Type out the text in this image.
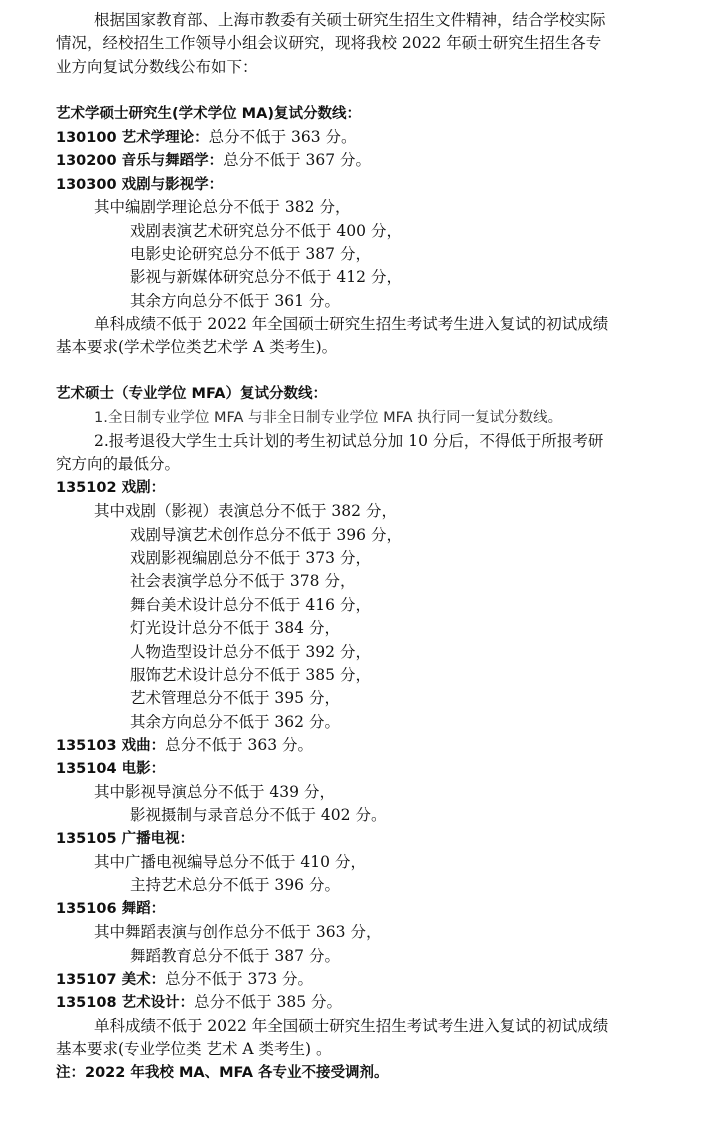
根据国家教育部、上海市教委有关硕士研究生招生文件精神，结合学校实际
情况，经校招生工作领导小组会议研究，现将我校 2022 年硕士研究生招生各专
业方向复试分数线公布如下：
艺术学硕士研究生(学术学位 MA)复试分数线：
130100 艺术学理论：总分不低于 363 分。
130200 音乐与舞蹈学：总分不低于 367 分。
130300 戏剧与影视学：
其中编剧学理论总分不低于 382 分，
戏剧表演艺术研究总分不低于 400 分，
电影史论研究总分不低于 387 分，
影视与新媒体研究总分不低于 412 分，
其余方向总分不低于 361 分。
单科成绩不低于 2022 年全国硕士研究生招生考试考生进入复试的初试成绩
基本要求(学术学位类艺术学 A 类考生)。
艺术硕士（专业学位 MFA）复试分数线：
1.全日制专业学位 MFA 与非全日制专业学位 MFA 执行同一复试分数线。
2.报考退役大学生士兵计划的考生初试总分加 10 分后，不得低于所报考研
究方向的最低分。
135102 戏剧：
其中戏剧（影视）表演总分不低于 382 分，
戏剧导演艺术创作总分不低于 396 分，
戏剧影视编剧总分不低于 373 分，
社会表演学总分不低于 378 分，
舞台美术设计总分不低于 416 分，
灯光设计总分不低于 384 分，
人物造型设计总分不低于 392 分，
服饰艺术设计总分不低于 385 分，
艺术管理总分不低于 395 分，
其余方向总分不低于 362 分。
135103 戏曲：总分不低于 363 分。
135104 电影：
其中影视导演总分不低于 439 分，
影视摄制与录音总分不低于 402 分。
135105 广播电视：
其中广播电视编导总分不低于 410 分，
主持艺术总分不低于 396 分。
135106 舞蹈：
其中舞蹈表演与创作总分不低于 363 分，
舞蹈教育总分不低于 387 分。
135107 美术：总分不低于 373 分。
135108 艺术设计：总分不低于 385 分。
单科成绩不低于 2022 年全国硕士研究生招生考试考生进入复试的初试成绩
基本要求(专业学位类 艺术 A 类考生) 。
注：2022 年我校 MA、MFA 各专业不接受调剂。
